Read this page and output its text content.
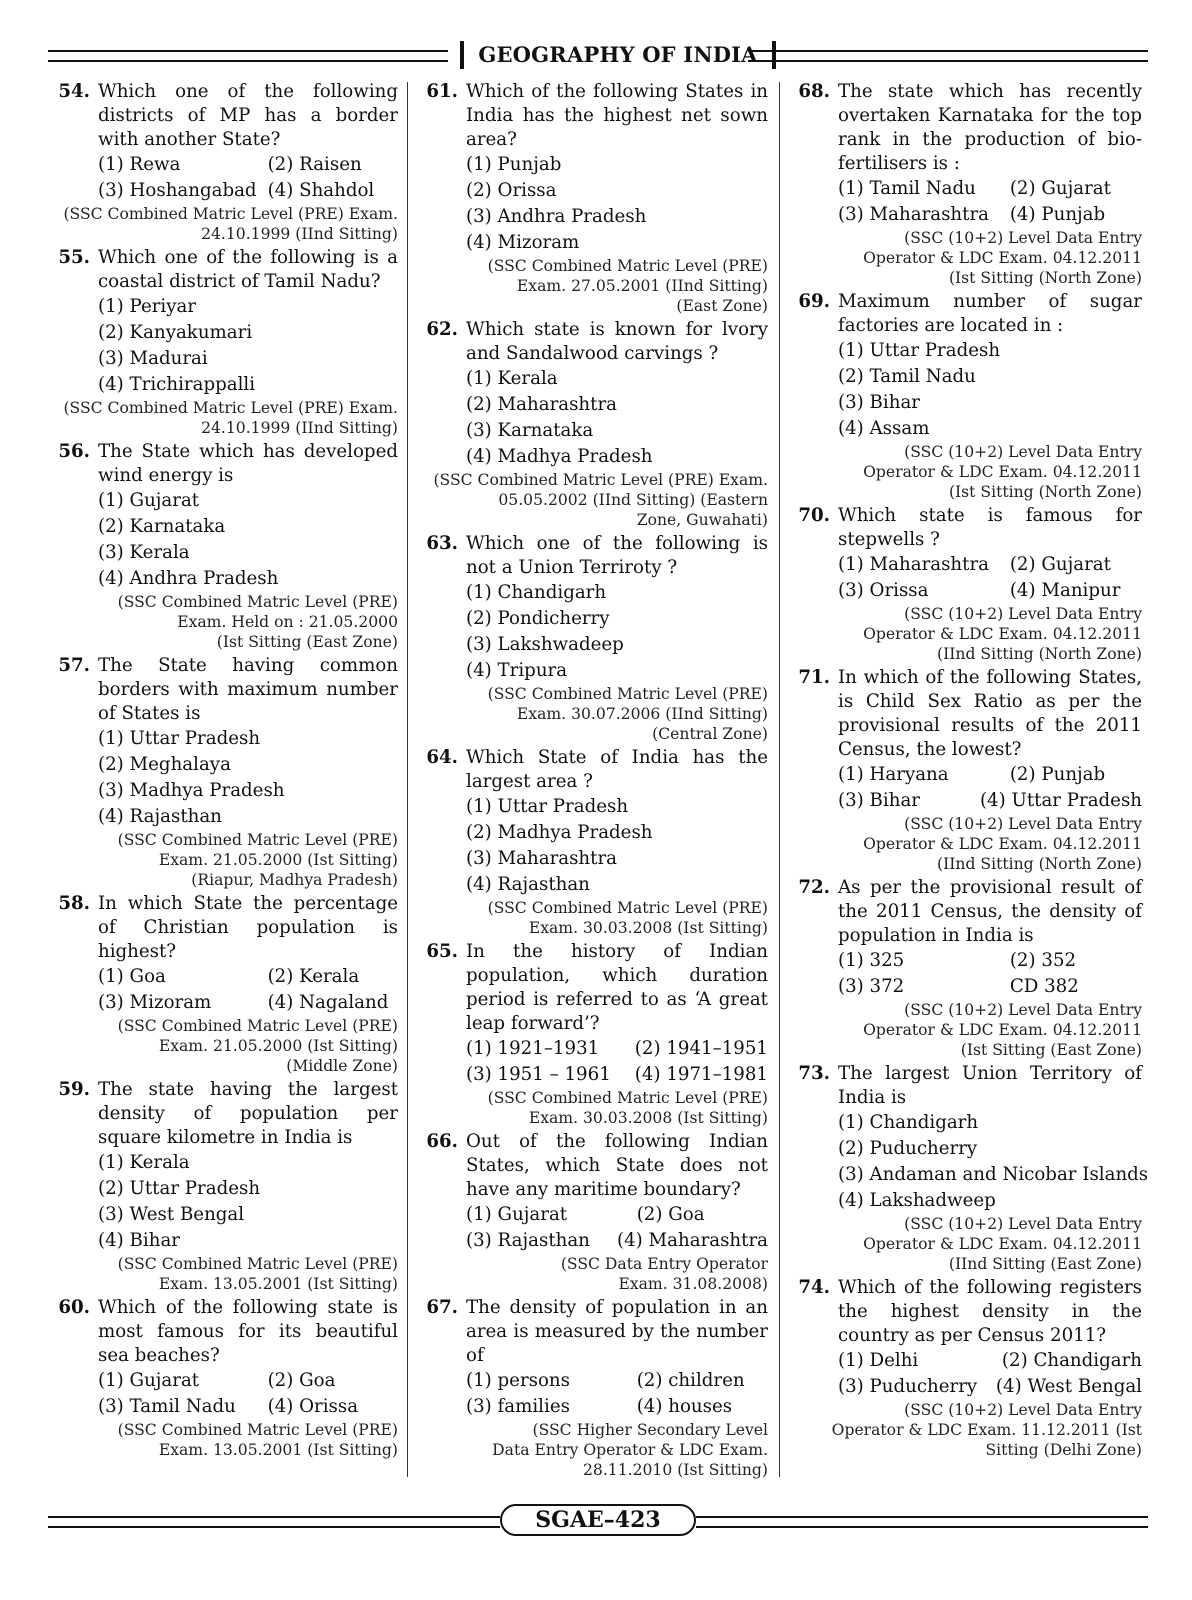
GEOGRAPHY OF INDIA
54. Which one of the following districts of MP has a border with another State?
(1) Rewa	(2) Raisen
(3) Hoshangabad (4) Shahdol
(SSC Combined Matric Level (PRE) Exam.
24.10.1999 (IInd Sitting)
55. Which one of the following is a coastal district of Tamil Nadu?
(1) Periyar
(2) Kanyakumari
(3) Madurai
(4) Trichirappalli
(SSC Combined Matric Level (PRE) Exam.
24.10.1999 (IInd Sitting)
56. The State which has developed wind energy is
(1) Gujarat
(2) Karnataka
(3) Kerala
(4) Andhra Pradesh
(SSC Combined Matric Level (PRE)
Exam. Held on : 21.05.2000
(Ist Sitting (East Zone)
57. The State having common borders with maximum number of States is
(1) Uttar Pradesh
(2) Meghalaya
(3) Madhya Pradesh
(4) Rajasthan
(SSC Combined Matric Level (PRE)
Exam. 21.05.2000 (Ist Sitting)
(Riapur, Madhya Pradesh)
58. In which State the percentage of Christian population is highest?
(1) Goa	(2) Kerala
(3) Mizoram	(4) Nagaland
(SSC Combined Matric Level (PRE)
Exam. 21.05.2000 (Ist Sitting)
(Middle Zone)
59. The state having the largest density of population per square kilometre in India is
(1) Kerala
(2) Uttar Pradesh
(3) West Bengal
(4) Bihar
(SSC Combined Matric Level (PRE)
Exam. 13.05.2001 (Ist Sitting)
60. Which of the following state is most famous for its beautiful sea beaches?
(1) Gujarat	(2) Goa
(3) Tamil Nadu	(4) Orissa
(SSC Combined Matric Level (PRE)
Exam. 13.05.2001 (Ist Sitting)
61. Which of the following States in India has the highest net sown area?
(1) Punjab
(2) Orissa
(3) Andhra Pradesh
(4) Mizoram
(SSC Combined Matric Level (PRE)
Exam. 27.05.2001 (IInd Sitting)
(East Zone)
62. Which state is known for lvory and Sandalwood carvings ?
(1) Kerala
(2) Maharashtra
(3) Karnataka
(4) Madhya Pradesh
(SSC Combined Matric Level (PRE) Exam.
05.05.2002 (IInd Sitting) (Eastern
Zone, Guwahati)
63. Which one of the following is not a Union Terriroty ?
(1) Chandigarh
(2) Pondicherry
(3) Lakshwadeep
(4) Tripura
(SSC Combined Matric Level (PRE)
Exam. 30.07.2006 (IInd Sitting)
(Central Zone)
64. Which State of India has the largest area ?
(1) Uttar Pradesh
(2) Madhya Pradesh
(3) Maharashtra
(4) Rajasthan
(SSC Combined Matric Level (PRE)
Exam. 30.03.2008 (Ist Sitting)
65. In the history of Indian population, which duration period is referred to as ‘A great leap forward’?
(1) 1921–1931	(2) 1941–1951
(3) 1951 – 1961	(4) 1971–1981
(SSC Combined Matric Level (PRE)
Exam. 30.03.2008 (Ist Sitting)
66. Out of the following Indian States, which State does not have any maritime boundary?
(1) Gujarat	(2) Goa
(3) Rajasthan	(4) Maharashtra
(SSC Data Entry Operator
Exam. 31.08.2008)
67. The density of population in an area is measured by the number of
(1) persons	(2) children
(3) families	(4) houses
(SSC Higher Secondary Level
Data Entry Operator & LDC Exam.
28.11.2010 (Ist Sitting)
68. The state which has recently overtaken Karnataka for the top rank in the production of bio-fertilisers is :
(1) Tamil Nadu	(2) Gujarat
(3) Maharashtra	(4) Punjab
(SSC (10+2) Level Data Entry
Operator & LDC Exam. 04.12.2011
(Ist Sitting (North Zone)
69. Maximum number of sugar factories are located in :
(1) Uttar Pradesh
(2) Tamil Nadu
(3) Bihar
(4) Assam
(SSC (10+2) Level Data Entry
Operator & LDC Exam. 04.12.2011
(Ist Sitting (North Zone)
70. Which state is famous for stepwells ?
(1) Maharashtra	(2) Gujarat
(3) Orissa	(4) Manipur
(SSC (10+2) Level Data Entry
Operator & LDC Exam. 04.12.2011
(IInd Sitting (North Zone)
71. In which of the following States, is Child Sex Ratio as per the provisional results of the 2011 Census, the lowest?
(1) Haryana	(2) Punjab
(3) Bihar	(4) Uttar Pradesh
(SSC (10+2) Level Data Entry
Operator & LDC Exam. 04.12.2011
(IInd Sitting (North Zone)
72. As per the provisional result of the 2011 Census, the density of population in India is
(1) 325	(2) 352
(3) 372	CD 382
(SSC (10+2) Level Data Entry
Operator & LDC Exam. 04.12.2011
(Ist Sitting (East Zone)
73. The largest Union Territory of India is
(1) Chandigarh
(2) Puducherry
(3) Andaman and Nicobar Islands
(4) Lakshadweep
(SSC (10+2) Level Data Entry
Operator & LDC Exam. 04.12.2011
(IInd Sitting (East Zone)
74. Which of the following registers the highest density in the country as per Census 2011?
(1) Delhi	(2) Chandigarh
(3) Puducherry	(4) West Bengal
(SSC (10+2) Level Data Entry
Operator & LDC Exam. 11.12.2011 (Ist
Sitting (Delhi Zone)
SGAE–423
